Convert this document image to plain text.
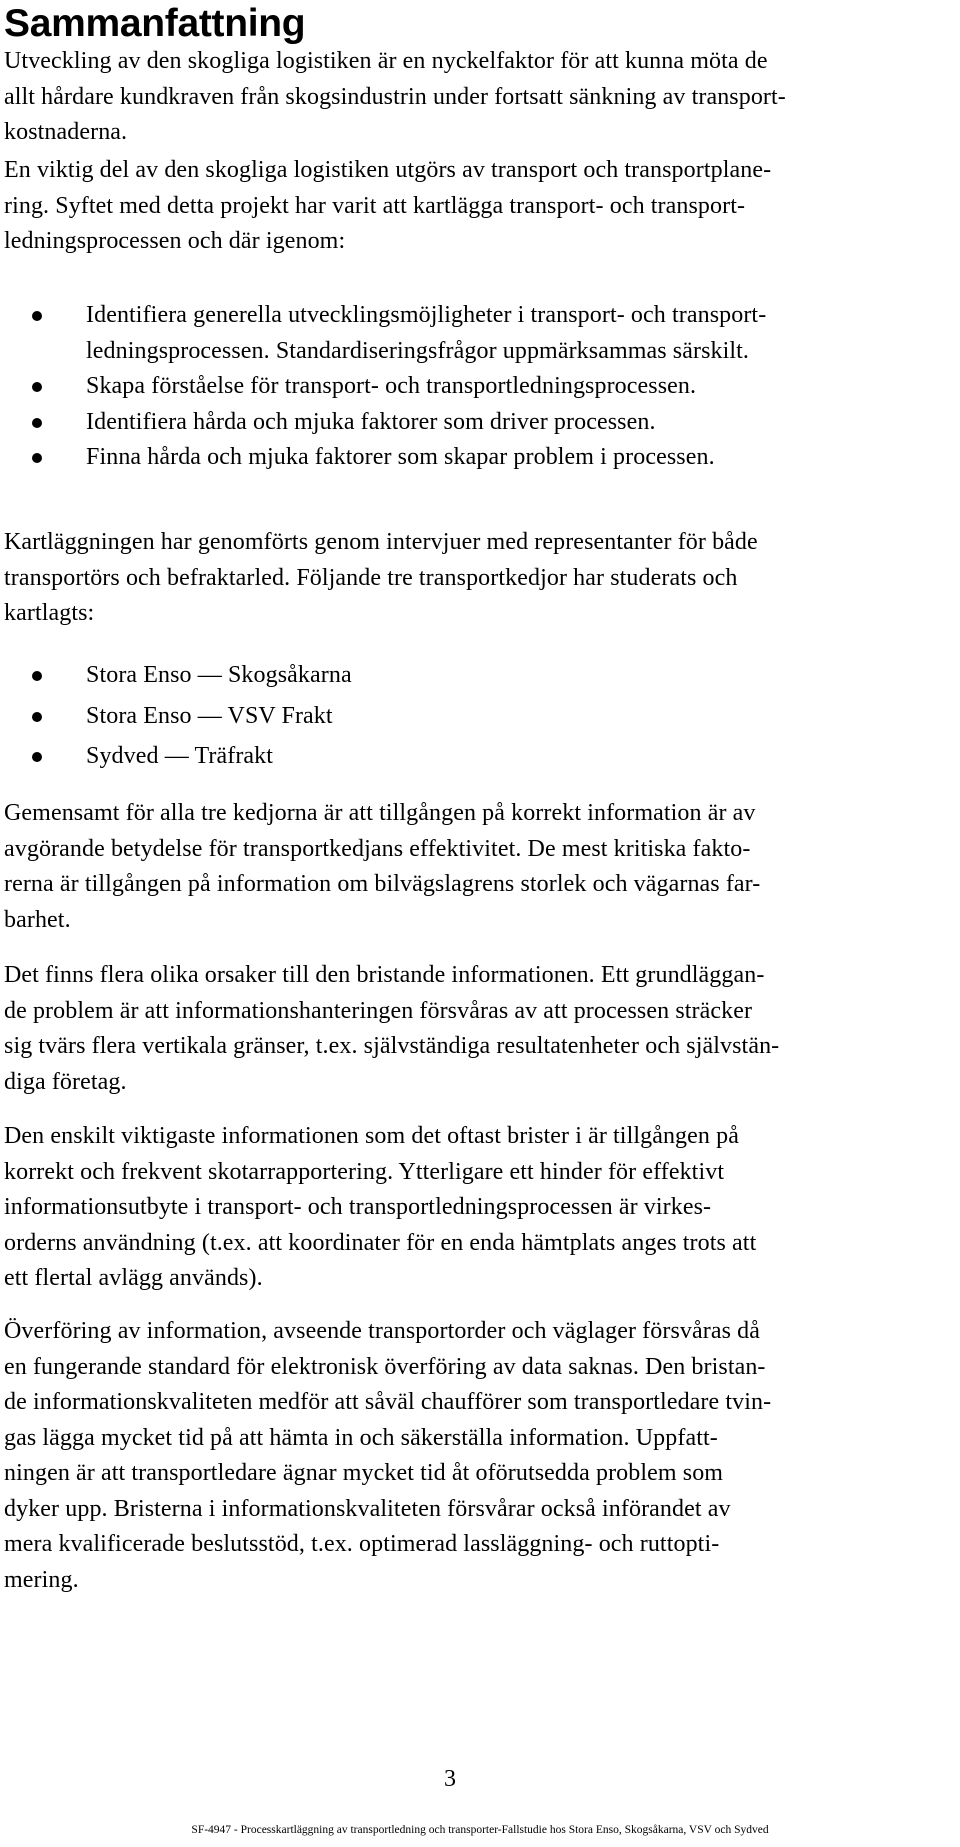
Sammanfattning

Utveckling av den skogliga logistiken är en nyckelfaktor för att kunna möta de
allt hårdare kundkraven från skogsindustrin under fortsatt sänkning av transport-
kostnaderna.

En viktig del av den skogliga logistiken utgörs av transport och transportplane-
ring. Syftet med detta projekt har varit att kartlägga transport- och transport-
ledningsprocessen och där igenom:

Identifiera generella utvecklingsmöjligheter i transport- och transport-
ledningsprocessen. Standardiseringsfrågor uppmärksammas särskilt.
Skapa förståelse för transport- och transportledningsprocessen.
Identifiera hårda och mjuka faktorer som driver processen.
Finna hårda och mjuka faktorer som skapar problem i processen.

Kartläggningen har genomförts genom intervjuer med representanter för både
transportörs och befraktarled. Följande tre transportkedjor har studerats och
kartlagts:

Stora Enso — Skogsåkarna
Stora Enso — VSV Frakt
Sydved — Träfrakt

Gemensamt för alla tre kedjorna är att tillgången på korrekt information är av
avgörande betydelse för transportkedjans effektivitet. De mest kritiska fakto-
rerna är tillgången på information om bilvägslagrens storlek och vägarnas far-
barhet.

Det finns flera olika orsaker till den bristande informationen. Ett grundläggan-
de problem är att informationshanteringen försvåras av att processen sträcker
sig tvärs flera vertikala gränser, t.ex. självständiga resultatenheter och självstän-
diga företag.

Den enskilt viktigaste informationen som det oftast brister i är tillgången på
korrekt och frekvent skotarrapportering. Ytterligare ett hinder för effektivt
informationsutbyte i transport- och transportledningsprocessen är virkes-
orderns användning (t.ex. att koordinater för en enda hämtplats anges trots att
ett flertal avlägg används).

Överföring av information, avseende transportorder och väglager försvåras då
en fungerande standard för elektronisk överföring av data saknas. Den bristan-
de informationskvaliteten medför att såväl chaufförer som transportledare tvin-
gas lägga mycket tid på att hämta in och säkerställa information. Uppfatt-
ningen är att transportledare ägnar mycket tid åt oförutsedda problem som
dyker upp. Bristerna i informationskvaliteten försvårar också införandet av
mera kvalificerade beslutsstöd, t.ex. optimerad lassläggning- och ruttopti-
mering.

3
SF-4947 - Processkartläggning av transportledning och transporter-Fallstudie hos Stora Enso, Skogsåkarna, VSV och Sydved
